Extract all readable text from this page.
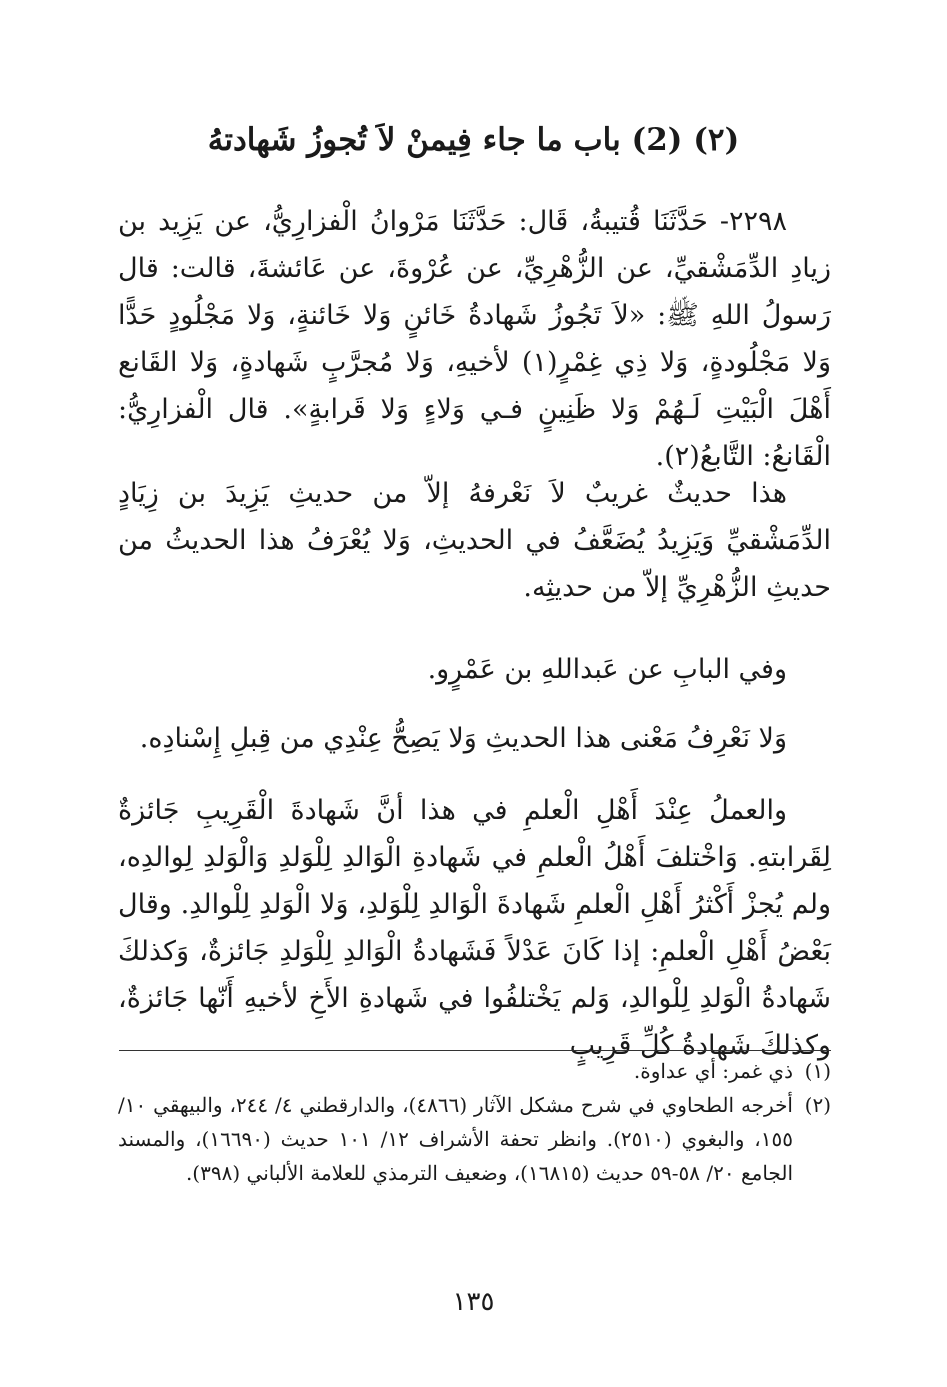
(٢) (2) باب ما جاء فِيمنْ لاَ تُجوزُ شَهادتهُ

٢٢٩٨- حَدَّثَنَا قُتيبةُ، قَال: حَدَّثَنَا مَرْوانُ الْفزارِيُّ، عن يَزِيد بن زيادِ الدِّمَشْقيِّ، عن الزُّهْرِيِّ، عن عُرْوةَ، عن عَائشةَ، قالت: قال رَسولُ اللهِ ﷺ: «لاَ تَجُوزُ شَهادةُ خَائنٍ وَلا خَائنةٍ، وَلا مَجْلُودٍ حَدًّا وَلا مَجْلُودةٍ، وَلا ذِي غِمْرٍ(١) لأخيهِ، وَلا مُجرَّبٍ شَهادةٍ، وَلا القَانع أَهْلَ الْبَيْتِ لَـهُمْ وَلا ظَنِينٍ فـي وَلاءٍ وَلا قَرابةٍ». قال الْفزارِيُّ: الْقَانعُ: التَّابعُ(٢).

هذا حديثٌ غريبٌ لاَ نَعْرفهُ إلاّ من حديثِ يَزِيدَ بن زِيَادٍ الدِّمَشْقيِّ وَيَزِيدُ يُضَعَّفُ في الحديثِ، وَلا يُعْرَفُ هذا الحديثُ من حديثِ الزُّهْرِيِّ إلاّ من حديثِه.

وفي البابِ عن عَبداللهِ بن عَمْرٍو.

وَلا نَعْرِفُ مَعْنى هذا الحديثِ وَلا يَصِحُّ عِنْدِي من قِبلِ إِسْنادِه.

والعملُ عِنْدَ أَهْلِ الْعلمِ في هذا أنَّ شَهادةَ الْقَرِيبِ جَائزةٌ لِقَرابتهِ. وَاخْتلفَ أَهْلُ الْعلمِ في شَهادةِ الْوَالدِ لِلْوَلدِ وَالْوَلدِ لِوالدِه، ولم يُجزْ أَكْثرُ أَهْلِ الْعلمِ شَهادةَ الْوَالدِ لِلْوَلدِ، وَلا الْوَلدِ لِلْوالدِ. وقال بَعْضُ أَهْلِ الْعلمِ: إذا كَانَ عَدْلاً فَشَهادةُ الْوَالدِ لِلْوَلدِ جَائزةٌ، وَكذلكَ شَهادةُ الْوَلدِ لِلْوالدِ، وَلم يَخْتلفُوا في شَهادةِ الأَخِ لأخيهِ أَنّها جَائزةٌ، وكذلكَ شَهادةُ كُلِّ قَرِيبٍ

(١)
ذي غمر: أي عداوة.
(٢)
أخرجه الطحاوي في شرح مشكل الآثار (٤٨٦٦)، والدارقطني ٤/ ٢٤٤، والبيهقي ١٠/ ١٥٥، والبغوي (٢٥١٠). وانظر تحفة الأشراف ١٢/ ١٠١ حديث (١٦٦٩٠)، والمسند الجامع ٢٠/ ٥٨-٥٩ حديث (١٦٨١٥)، وضعيف الترمذي للعلامة الألباني (٣٩٨).
١٣٥
